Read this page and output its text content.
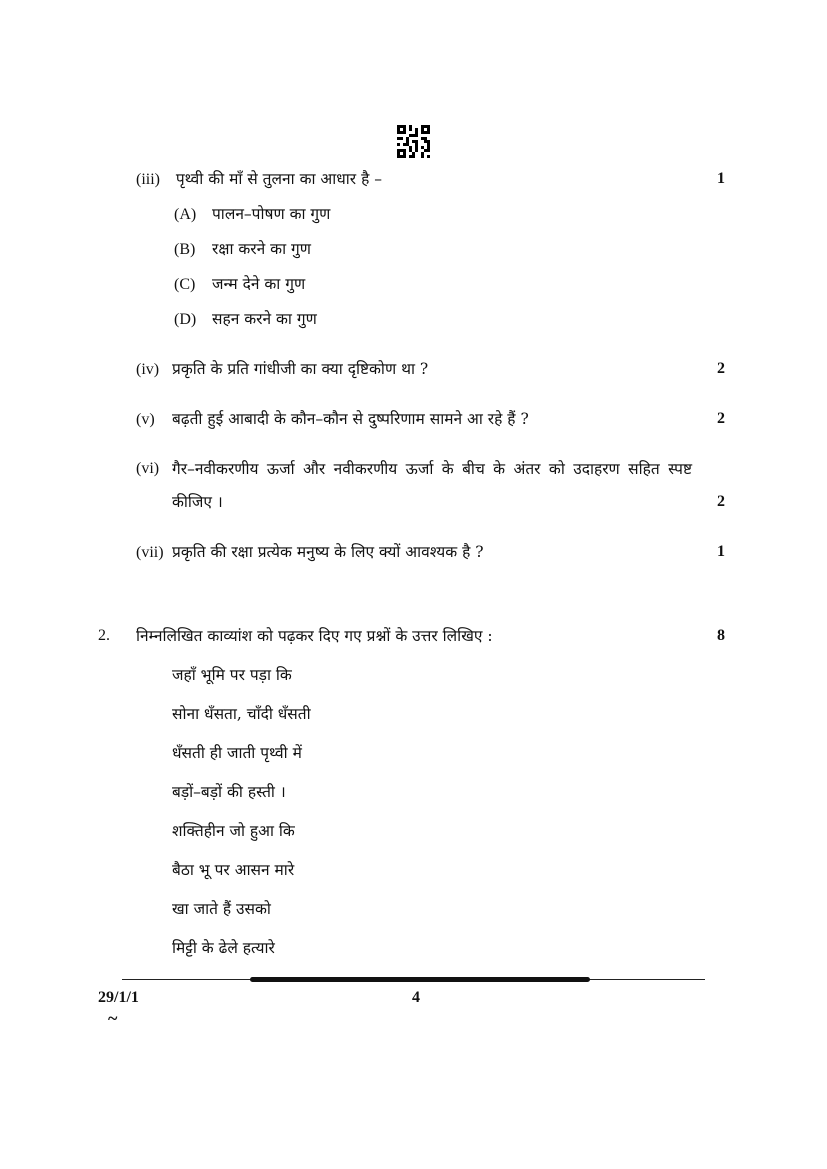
(iii) पृथ्वी की माँ से तुलना का आधार है –	1
(A) पालन–पोषण का गुण
(B) रक्षा करने का गुण
(C) जन्म देने का गुण
(D) सहन करने का गुण
(iv) प्रकृति के प्रति गांधीजी का क्या दृष्टिकोण था ?	2
(v) बढ़ती हुई आबादी के कौन–कौन से दुष्परिणाम सामने आ रहे हैं ?	2
(vi) गैर–नवीकरणीय ऊर्जा और नवीकरणीय ऊर्जा के बीच के अंतर को उदाहरण सहित स्पष्ट
कीजिए ।	2
(vii) प्रकृति की रक्षा प्रत्येक मनुष्य के लिए क्यों आवश्यक है ?	1
2. निम्नलिखित काव्यांश को पढ़कर दिए गए प्रश्नों के उत्तर लिखिए :	8
जहाँ भूमि पर पड़ा कि
सोना धँसता, चाँदी धँसती
धँसती ही जाती पृथ्वी में
बड़ों–बड़ों की हस्ती ।
शक्तिहीन जो हुआ कि
बैठा भू पर आसन मारे
खा जाते हैं उसको
मिट्टी के ढेले हत्यारे
29/1/1	4
~
